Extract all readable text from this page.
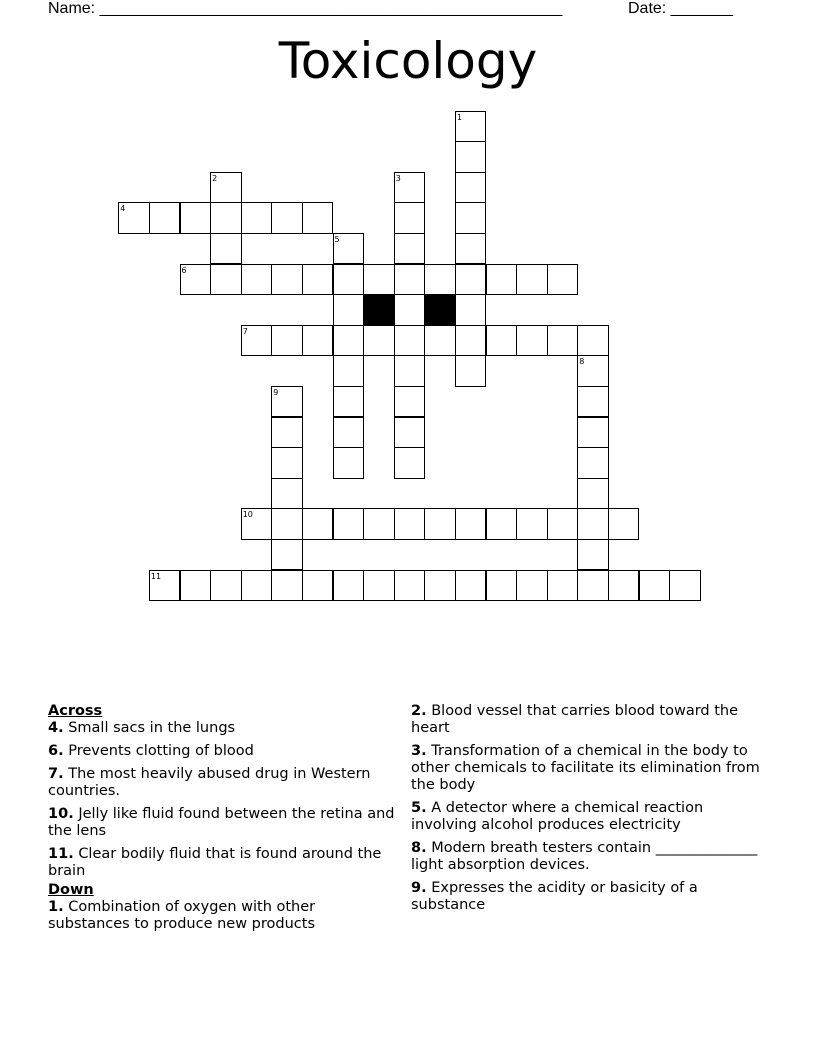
Name: ____________________________________________________	Date: _______
Toxicology
1
2	3
4
5
6
7
8
9
10
11

Across

4. Small sacs in the lungs
6. Prevents clotting of blood
7. The most heavily abused drug in Western countries.
10. Jelly like fluid found between the retina and the lens
11. Clear bodily fluid that is found around the brain

Down

1. Combination of oxygen with other substances to produce new products
2. Blood vessel that carries blood toward the heart
3. Transformation of a chemical in the body to other chemicals to facilitate its elimination from the body
5. A detector where a chemical reaction involving alcohol produces electricity
8. Modern breath testers contain ______________ light absorption devices.
9. Expresses the acidity or basicity of a substance
